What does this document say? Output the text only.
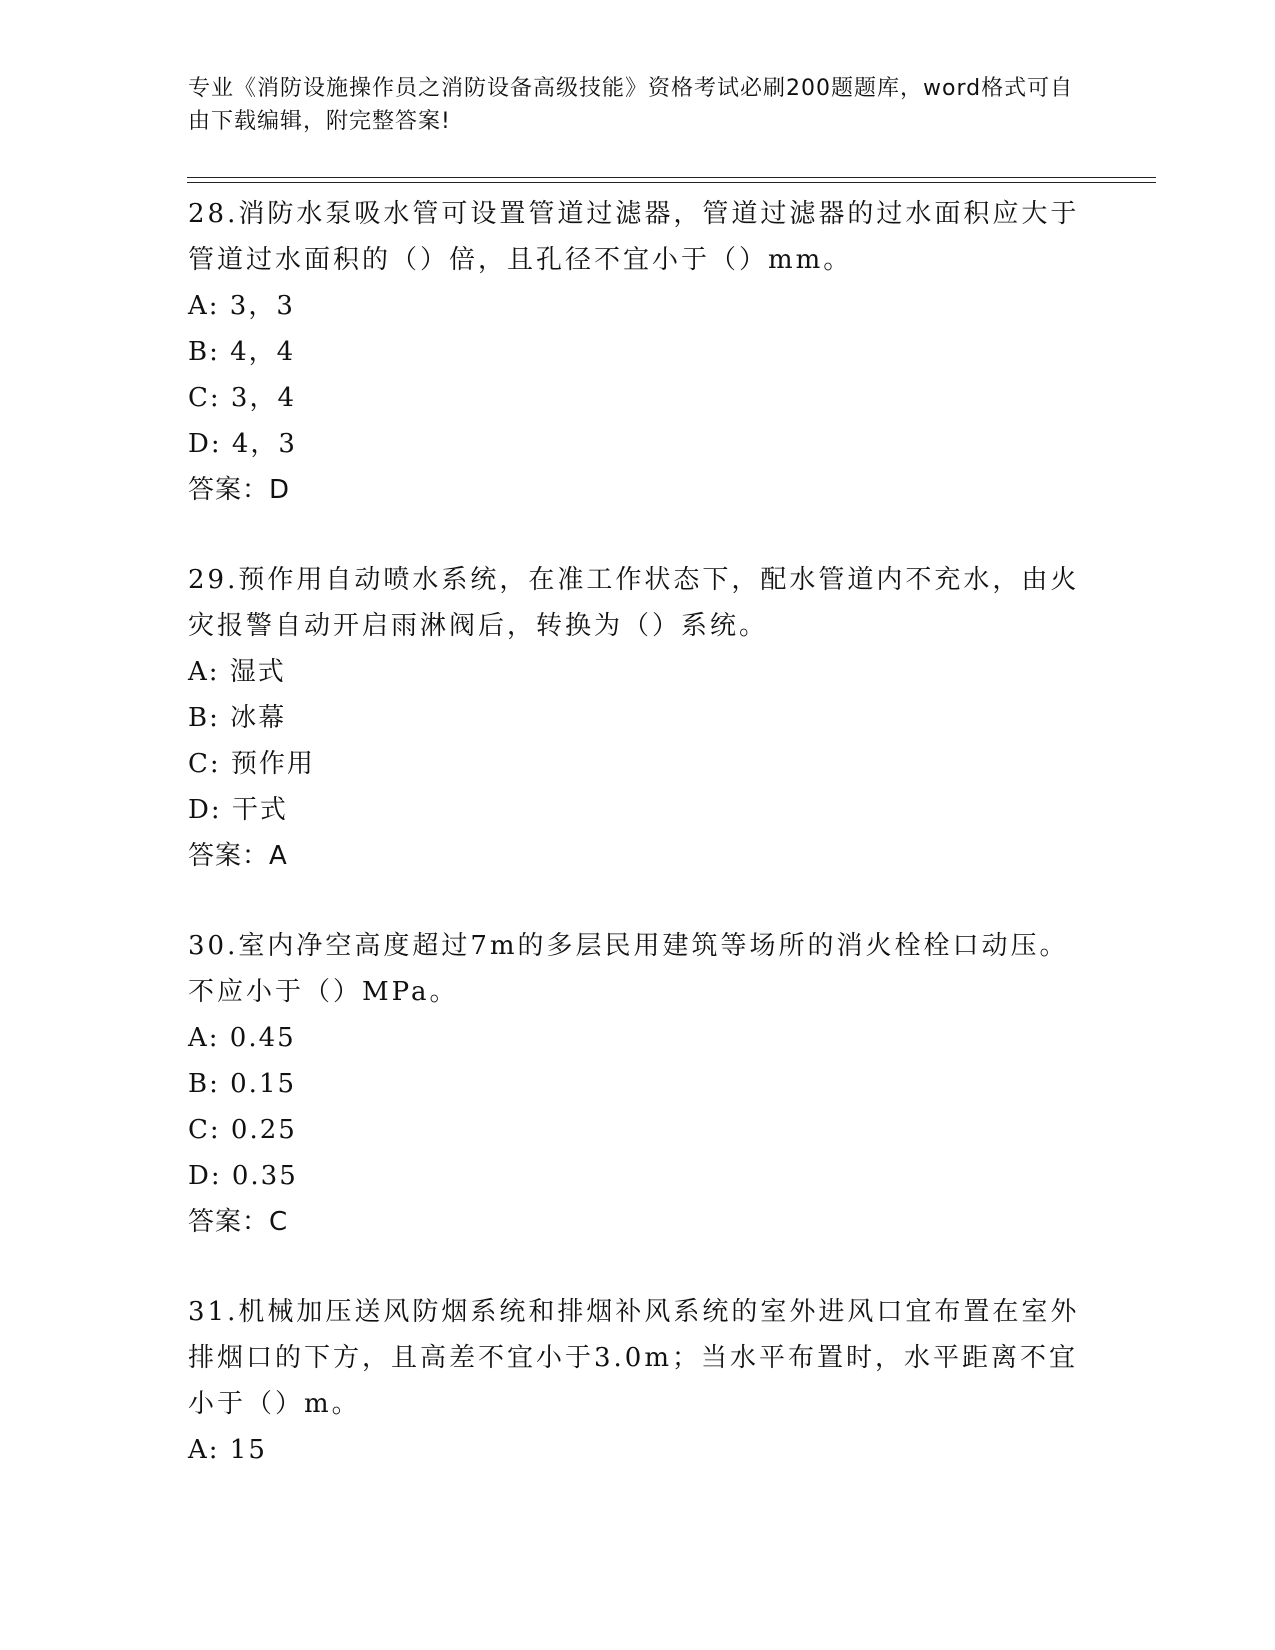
专业《消防设施操作员之消防设备高级技能》资格考试必刷200题题库，word格式可自由下载编辑，附完整答案!

28.消防水泵吸水管可设置管道过滤器，管道过滤器的过水面积应大于管道过水面积的（）倍，且孔径不宜小于（）mm。

A: 3，3

B: 4，4

C: 3，4

D: 4，3

答案：D

29.预作用自动喷水系统，在准工作状态下，配水管道内不充水，由火灾报警自动开启雨淋阀后，转换为（）系统。

A: 湿式

B: 冰幕

C: 预作用

D: 干式

答案：A

30.室内净空高度超过7m的多层民用建筑等场所的消火栓栓口动压。不应小于（）MPa。

A: 0.45

B: 0.15

C: 0.25

D: 0.35

答案：C

31.机械加压送风防烟系统和排烟补风系统的室外进风口宜布置在室外排烟口的下方，且高差不宜小于3.0m；当水平布置时，水平距离不宜小于（）m。

A: 15
